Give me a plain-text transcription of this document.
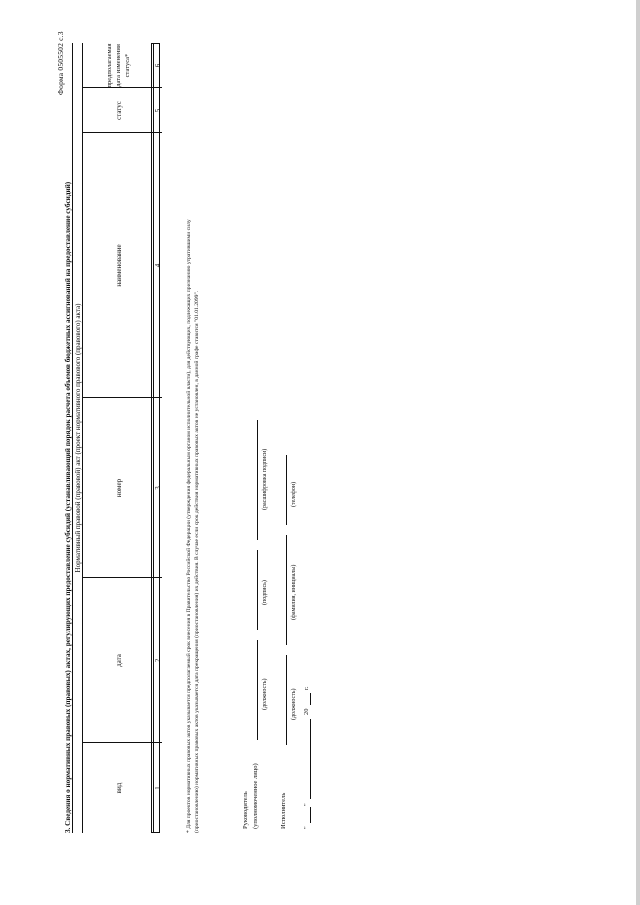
Форма 0505502 с.3
3. Сведения о нормативных правовых (правовых) актах, регулирующих предоставление субсидий (устанавливающий порядок расчета объемов бюджетных ассигнований на предоставление субсидий) Нормативный правовой (правовой) акт (проект нормативного правового (правового) акта)
вид
дата
номер
наименование
статус
предполагаемая дата изменения статуса*
1
2
3
4
5
6
* Для проектов нормативных правовых актов указывается предполагаемый срок внесения в Правительство Российской Федерации (утверждения федеральным органом исполнительной власти), для действующих, подлежащих признанию утратившими силу (приостановлению) нормативных правовых актов указывается дата прекращения (приостановления) их действия. В случае если срок действия нормативных правовых актов не установлен, в данной графе ставится "01.01.2099".	Руководитель (уполномоченное лицо)
(должность)
(подпись)
(расшифровка подписи)
Исполнитель
(должность)
(фамилия, инициалы)
(телефон)
"
"
20
г.
